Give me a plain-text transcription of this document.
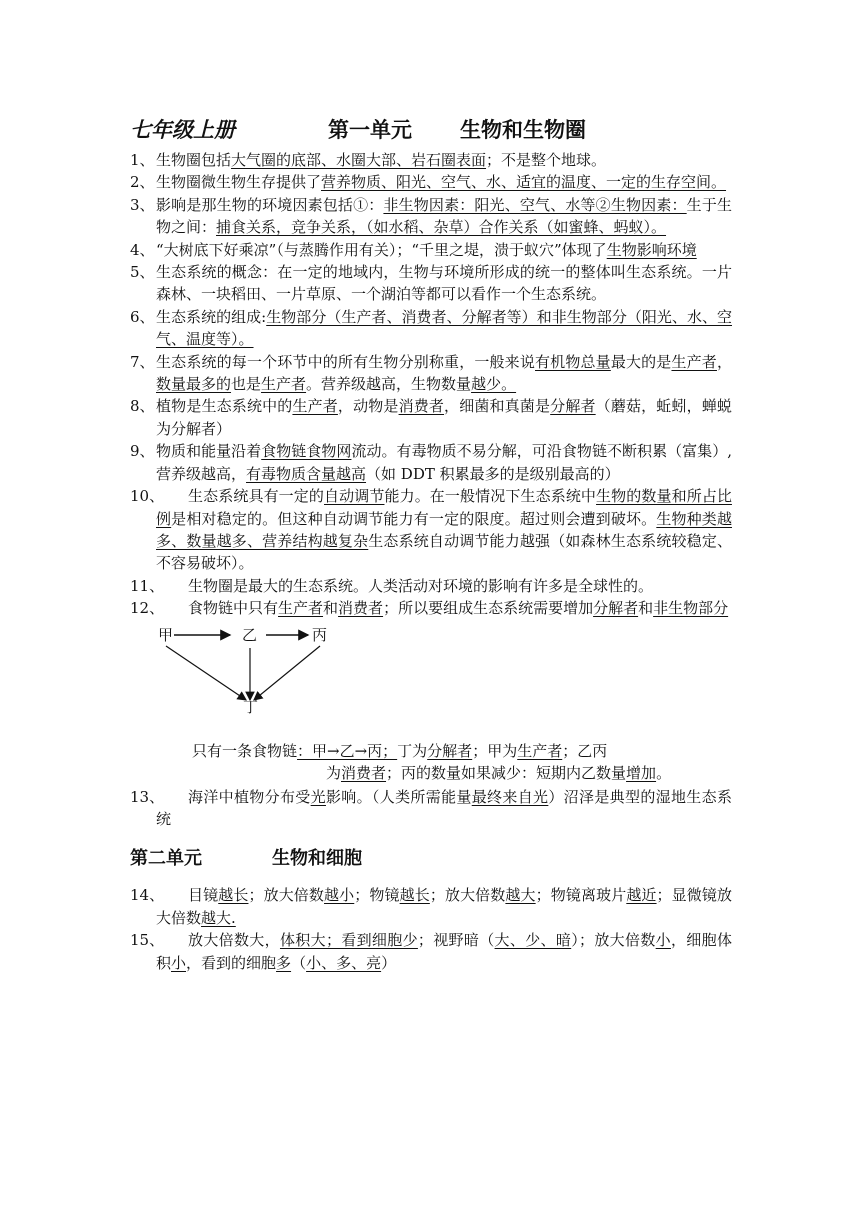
七年级上册	第一单元 生物和生物圈
1、 生物圈包括大气圈的底部、水圈大部、岩石圈表面；不是整个地球。
2、 生物圈微生物生存提供了营养物质、阳光、空气、水、适宜的温度、一定的生存空间。
3、 影响是那生物的环境因素包括①：非生物因素：阳光、空气、水等②生物因素：生于生物之间：捕食关系，竞争关系，（如水稻、杂草）合作关系（如蜜蜂、蚂蚁）。
4、 “大树底下好乘凉”（与蒸腾作用有关）；“千里之堤，溃于蚁穴”体现了生物影响环境
5、 生态系统的概念：在一定的地域内，生物与环境所形成的统一的整体叫生态系统。一片森林、一块稻田、一片草原、一个湖泊等都可以看作一个生态系统。
6、 生态系统的组成:生物部分（生产者、消费者、分解者等）和非生物部分（阳光、水、空气、温度等）。
7、 生态系统的每一个环节中的所有生物分别称重，一般来说有机物总量最大的是生产者，数量最多的也是生产者。营养级越高，生物数量越少。
8、 植物是生态系统中的生产者，动物是消费者，细菌和真菌是分解者（蘑菇，蚯蚓，蝉蜕为分解者）
9、 物质和能量沿着食物链食物网流动。有毒物质不易分解，可沿食物链不断积累（富集）,营养级越高，有毒物质含量越高（如 DDT 积累最多的是级别最高的）
10、	生态系统具有一定的自动调节能力。在一般情况下生态系统中生物的数量和所占比例是相对稳定的。但这种自动调节能力有一定的限度。超过则会遭到破坏。生物种类越多、数量越多、营养结构越复杂生态系统自动调节能力越强（如森林生态系统较稳定、不容易破坏）。
11、	生物圈是最大的生态系统。人类活动对环境的影响有许多是全球性的。
12、	食物链中只有生产者和消费者；所以要组成生态系统需要增加分解者和非生物部分
甲	乙	丙
丁
只有一条食物链：甲→乙→丙；丁为分解者；甲为生产者；乙丙
为消费者；丙的数量如果减少：短期内乙数量增加。
13、	海洋中植物分布受光影响。（人类所需能量最终来自光）沼泽是典型的湿地生态系统
第二单元	生物和细胞
14、	目镜越长；放大倍数越小；物镜越长；放大倍数越大；物镜离玻片越近；显微镜放大倍数越大.
15、	放大倍数大，体积大；看到细胞少；视野暗（大、少、暗）；放大倍数小，细胞体积小，看到的细胞多（小、多、亮）
